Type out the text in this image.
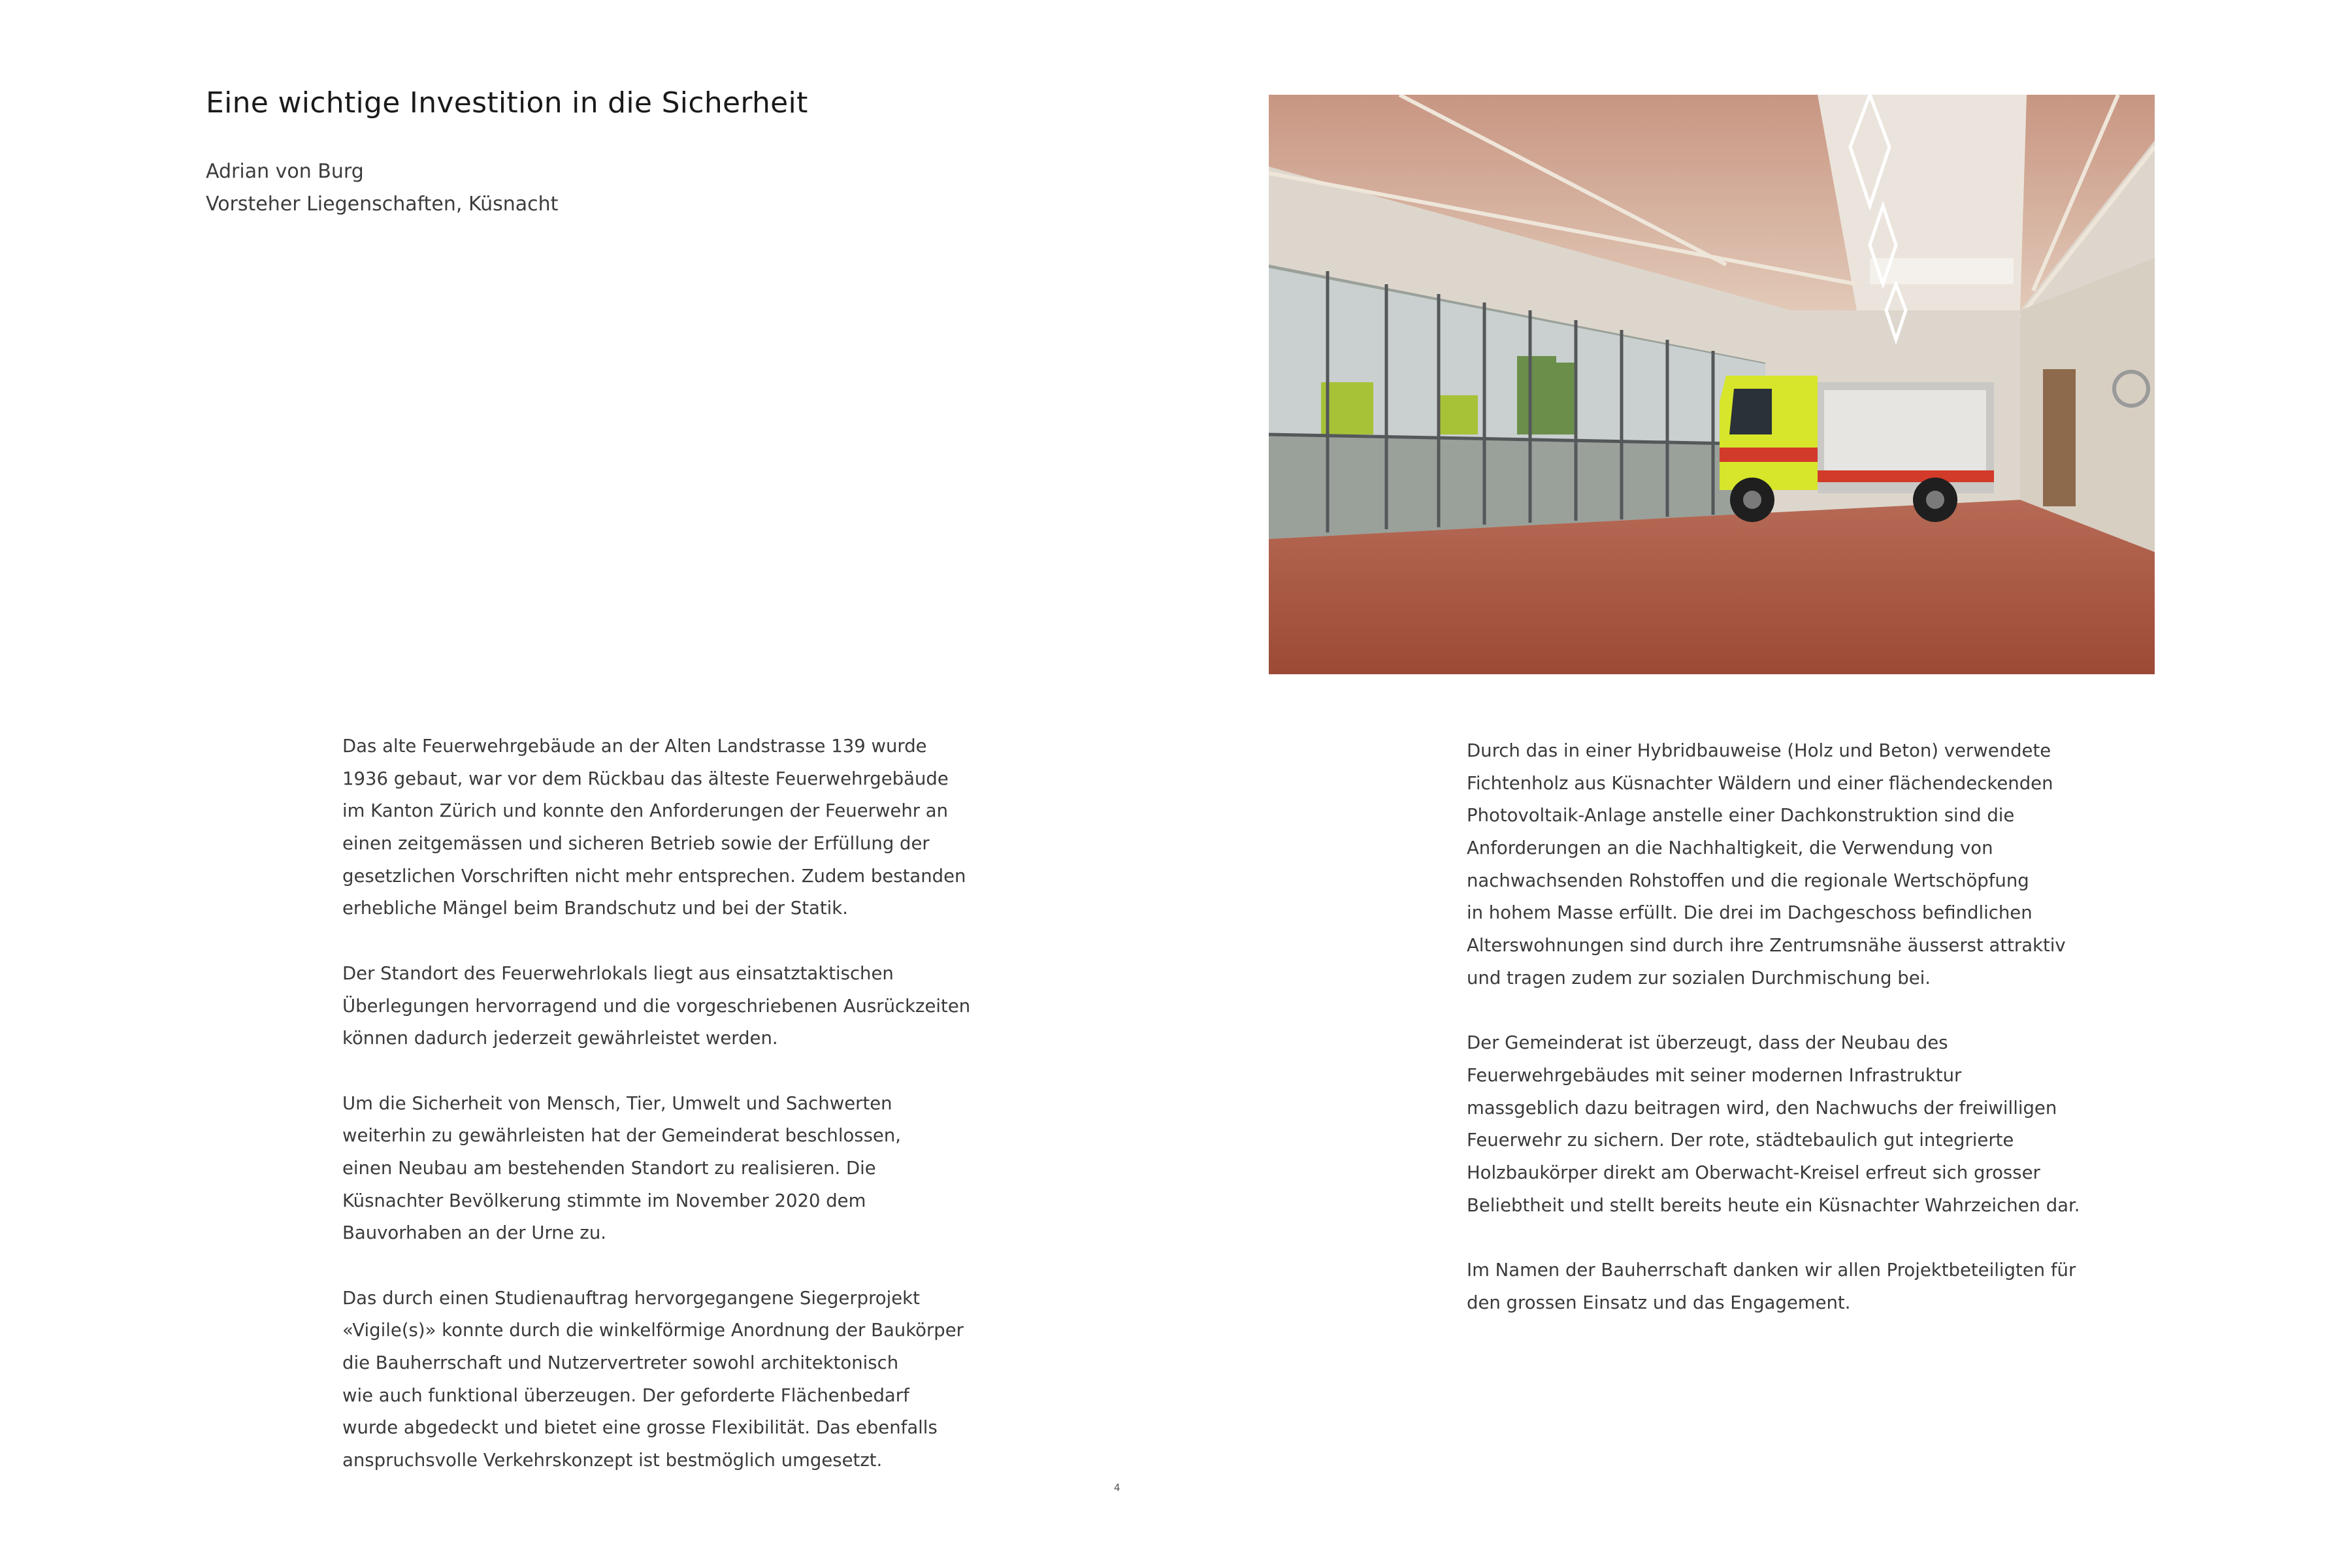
Eine wichtige Investition in die Sicherheit
Adrian von Burg
Vorsteher Liegenschaften, Küsnacht
Das alte Feuerwehrgebäude an der Alten Landstrasse 139 wurde
1936 gebaut, war vor dem Rückbau das älteste Feuerwehrgebäude
im Kanton Zürich und konnte den Anforderungen der Feuerwehr an
einen zeitgemässen und sicheren Betrieb sowie der Erfüllung der
gesetzlichen Vorschriften nicht mehr entsprechen. Zudem bestanden
erhebliche Mängel beim Brandschutz und bei der Statik.
Der Standort des Feuerwehrlokals liegt aus einsatztaktischen
Überlegungen hervorragend und die vorgeschriebenen Ausrückzeiten
können dadurch jederzeit gewährleistet werden.
Um die Sicherheit von Mensch, Tier, Umwelt und Sachwerten
weiterhin zu gewährleisten hat der Gemeinderat beschlossen,
einen Neubau am bestehenden Standort zu realisieren. Die
Küsnachter Bevölkerung stimmte im November 2020 dem
Bauvorhaben an der Urne zu.
Das durch einen Studienauftrag hervorgegangene Siegerprojekt
«Vigile(s)» konnte durch die winkelförmige Anordnung der Baukörper
die Bauherrschaft und Nutzervertreter sowohl architektonisch
wie auch funktional überzeugen. Der geforderte Flächenbedarf
wurde abgedeckt und bietet eine grosse Flexibilität. Das ebenfalls
anspruchsvolle Verkehrskonzept ist bestmöglich umgesetzt.
Durch das in einer Hybridbauweise (Holz und Beton) verwendete
Fichtenholz aus Küsnachter Wäldern und einer flächendeckenden
Photovoltaik-Anlage anstelle einer Dachkonstruktion sind die
Anforderungen an die Nachhaltigkeit, die Verwendung von
nachwachsenden Rohstoffen und die regionale Wertschöpfung
in hohem Masse erfüllt. Die drei im Dachgeschoss befindlichen
Alterswohnungen sind durch ihre Zentrumsnähe äusserst attraktiv
und tragen zudem zur sozialen Durchmischung bei.
Der Gemeinderat ist überzeugt, dass der Neubau des
Feuerwehrgebäudes mit seiner modernen Infrastruktur
massgeblich dazu beitragen wird, den Nachwuchs der freiwilligen
Feuerwehr zu sichern. Der rote, städtebaulich gut integrierte
Holzbaukörper direkt am Oberwacht-Kreisel erfreut sich grosser
Beliebtheit und stellt bereits heute ein Küsnachter Wahrzeichen dar.
Im Namen der Bauherrschaft danken wir allen Projektbeteiligten für
den grossen Einsatz und das Engagement.
4
